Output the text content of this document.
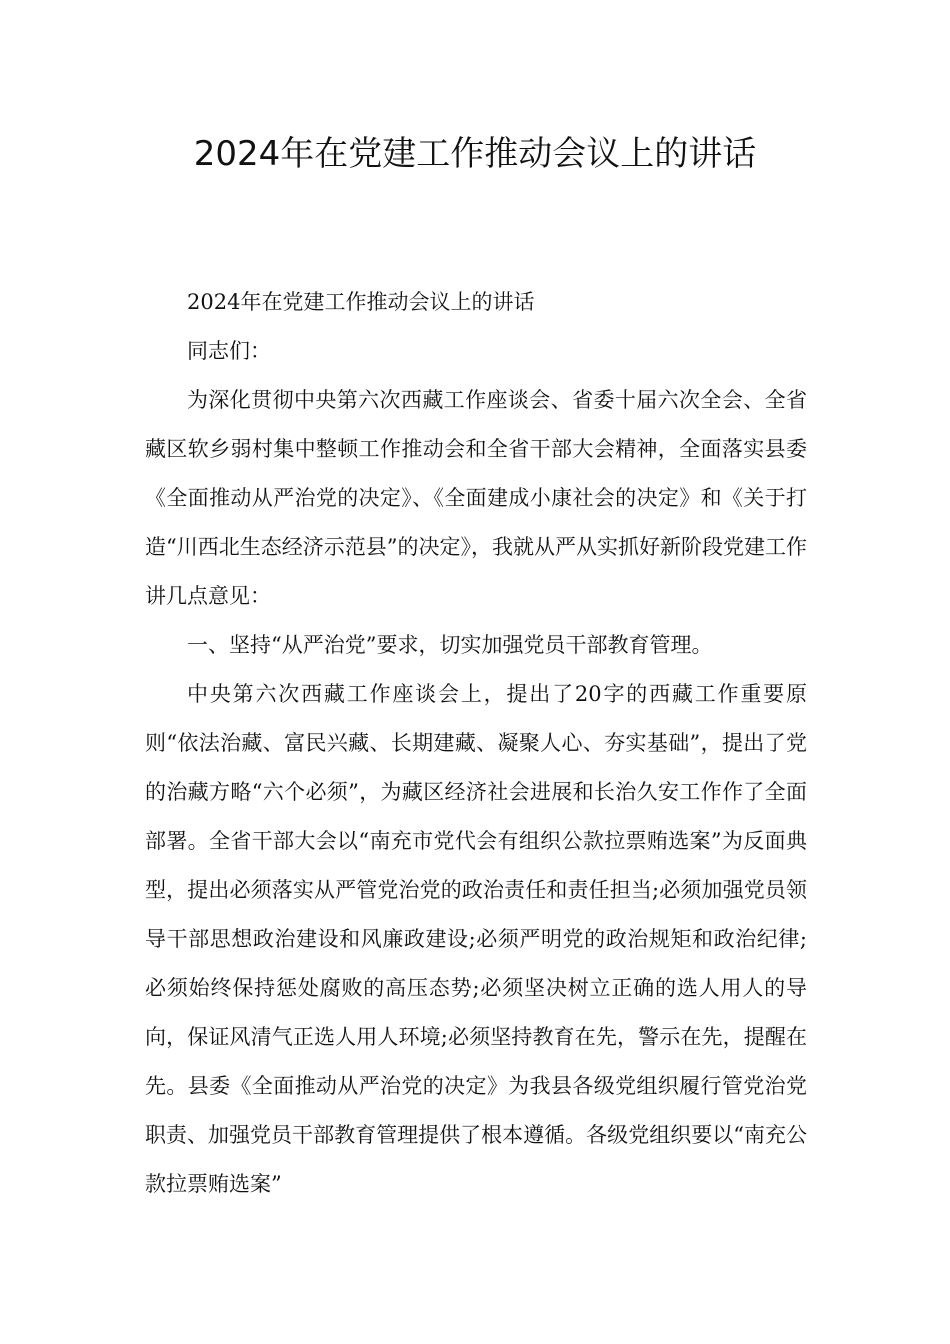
2024年在党建工作推动会议上的讲话

2024年在党建工作推动会议上的讲话

同志们：

为深化贯彻中央第六次西藏工作座谈会、省委十届六次全会、全省藏区软乡弱村集中整顿工作推动会和全省干部大会精神，全面落实县委《全面推动从严治党的决定》、《全面建成小康社会的决定》和《关于打造“川西北生态经济示范县”的决定》，我就从严从实抓好新阶段党建工作讲几点意见：

一、坚持“从严治党”要求，切实加强党员干部教育管理。

中央第六次西藏工作座谈会上，提出了20字的西藏工作重要原则“依法治藏、富民兴藏、长期建藏、凝聚人心、夯实基础”，提出了党的治藏方略“六个必须”，为藏区经济社会进展和长治久安工作作了全面部署。全省干部大会以“南充市党代会有组织公款拉票贿选案”为反面典型，提出必须落实从严管党治党的政治责任和责任担当;必须加强党员领导干部思想政治建设和风廉政建设;必须严明党的政治规矩和政治纪律;必须始终保持惩处腐败的高压态势;必须坚决树立正确的选人用人的导向，保证风清气正选人用人环境;必须坚持教育在先，警示在先，提醒在先。县委《全面推动从严治党的决定》为我县各级党组织履行管党治党职责、加强党员干部教育管理提供了根本遵循。各级党组织要以“南充公款拉票贿选案”
